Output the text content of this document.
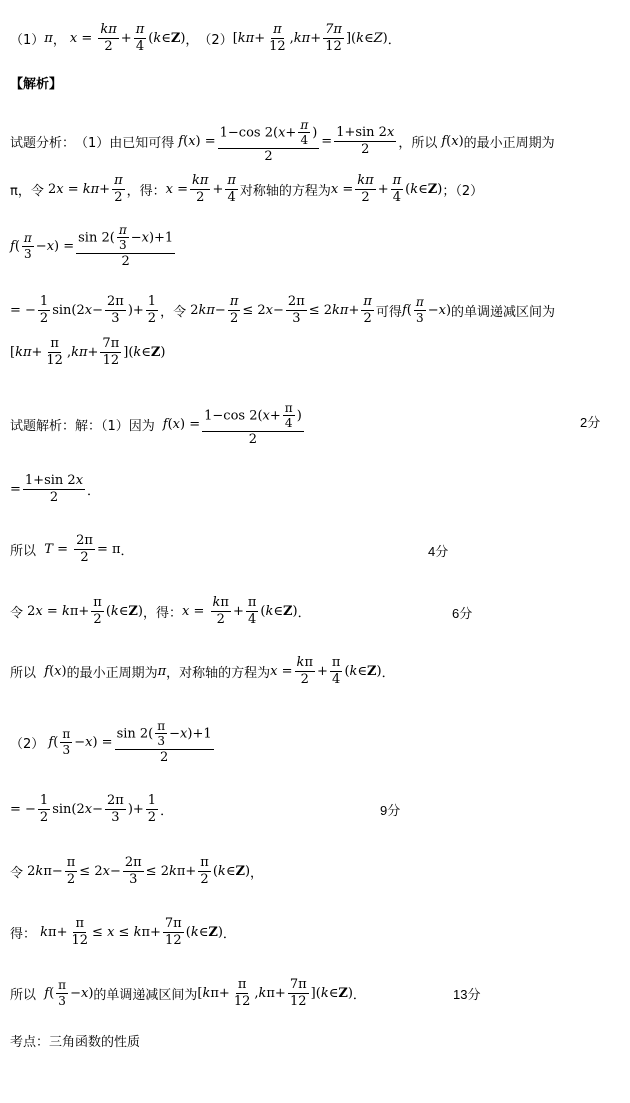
（1） π ， $x = \frac{k\pi}{2} + \frac{\pi}{4}$ ( k ∈ Z ) ， （2） [ $k\pi + \frac{\pi}{12}$ , $k\pi + \frac{7\pi}{12}$ ]( k ∈ Z ) ．
【解析】
试题分析： （1）由已知可得 f ( x ) = $\frac{1-\cos 2(x+ \frac{\pi}{4} )}{2} = \frac{1+\sin 2x}{2}$ ，所以 f ( x ) 的最小正周期为
π，令 2 $x = k\pi + \frac{\pi}{2}$ ，得： $x = \frac{k\pi}{2} + \frac{\pi}{4}$ 对称轴的方程为 $x = \frac{k\pi}{2} + \frac{\pi}{4}$ ( k ∈ Z ) ；（2）
f ( $\frac{\pi}{3} - x$ ) = $\frac{\sin 2( \frac{\pi}{3} -x)+1}{2}$
= − $\frac{1}{2} \sin(2$ $x - \frac{2\pi}{3}$ )+ $\frac{1}{2}$ ，令 2 $k\pi - \frac{\pi}{2} \le 2$ $x - \frac{2\pi}{3} \le 2$ $k\pi + \frac{\pi}{2}$ 可得 f ( $\frac{\pi}{3} - x$ ) 的单调递减区间为
[ $k\pi + \frac{\pi}{12}$ , $k\pi + \frac{7\pi}{12}$ ]( k ∈ Z )
试题解析：解：（1）因为 f ( x ) = $\frac{1-\cos 2(x+ \frac{\pi}{4} )}{2}$	2分
= $\frac{1+\sin 2x}{2}$ ．
所以
$T = \frac{2\pi}{2} = \pi$ ．	4分
令 2 x = k $\pi+ \frac{\pi}{2}$ ( k ∈ Z ) ，得： $x = \frac{k\pi}{2} + \frac{\pi}{4}$ ( k ∈ Z ) ．	6分
所以
f ( x ) 的最小正周期为 π ，对称轴的方程为 $x = \frac{k\pi}{2} + \frac{\pi}{4}$ ( k ∈ Z ) ．
（2）
f ( $\frac{\pi}{3} - x$ ) = $\frac{\sin 2( \frac{\pi}{3} -x)+1}{2}$
= − $\frac{1}{2} \sin(2$ $x - \frac{2\pi}{3}$ )+ $\frac{1}{2}$ ．	9分
令 2 k $\pi- \frac{\pi}{2} \le 2$ $x - \frac{2\pi}{3} \le 2$ k $\pi+ \frac{\pi}{2}$ ( k ∈ Z ) ，
得：
k $\pi+ \frac{\pi}{12} \le x \le k$ $\pi+ \frac{7\pi}{12}$ ( k ∈ Z ) ．
所以
f ( $\frac{\pi}{3} - x$ ) 的单调递减区间为 [ k $\pi+ \frac{\pi}{12}$ , k $\pi+ \frac{7\pi}{12}$ ]( k ∈ Z ) ．	13分
考点：三角函数的性质
